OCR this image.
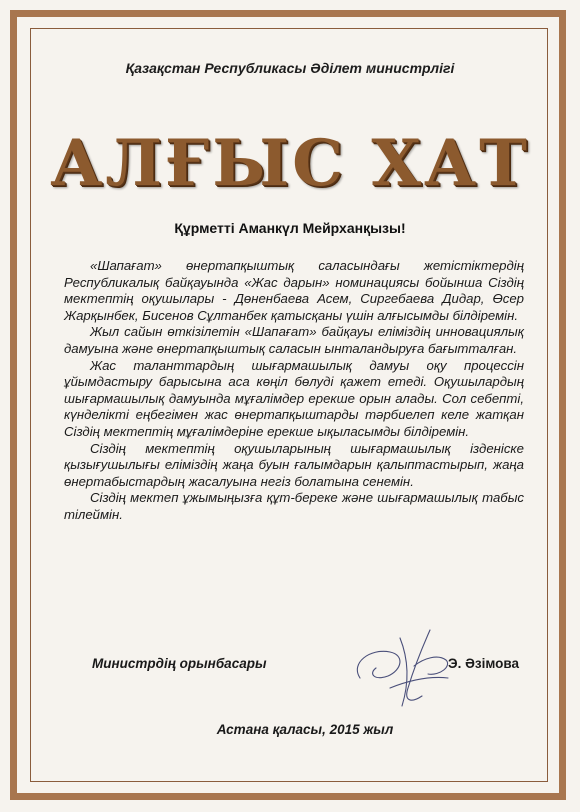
Қазақстан Республикасы Әділет министрлігі
АЛҒЫС ХАТ
Құрметті Аманкүл Мейрханқызы!

«Шапағат» өнертапқыштық саласындағы жетістіктердің Республикалық байқауында «Жас дарын» номинациясы бойынша Сіздің мектептің оқушылары - Дөненбаева Асем, Сиргебаева Дидар, Өсер Жарқынбек, Бисенов Сұлтанбек қатысқаны үшін алғысымды білдіремін.

Жыл сайын өткізілетін «Шапағат» байқауы еліміздің инновациялық дамуына және өнертапқыштық саласын ынталандыруға бағытталған.

Жас таланттардың шығармашылық дамуы оқу процессін ұйымдастыру барысына аса көңіл бөлуді қажет етеді. Оқушылардың шығармашылық дамуында мұғалімдер ерекше орын алады. Сол себепті, күнделікті еңбегімен жас өнертапқыштарды тәрбиелеп келе жатқан Сіздің мектептің мұғалімдеріне ерекше ықыласымды білдіремін.

Сіздің мектептің оқушыларының шығармашылық ізденіске қызығушылығы еліміздің жаңа буын ғалымдарын қалыптастырып, жаңа өнертабыстардың жасалуына негіз болатына сенемін.

Сіздің мектеп ұжымыңызға құт-береке және шығармашылық табыс тілеймін.

Министрдің орынбасары	Э. Әзімова
Астана қаласы, 2015 жыл
